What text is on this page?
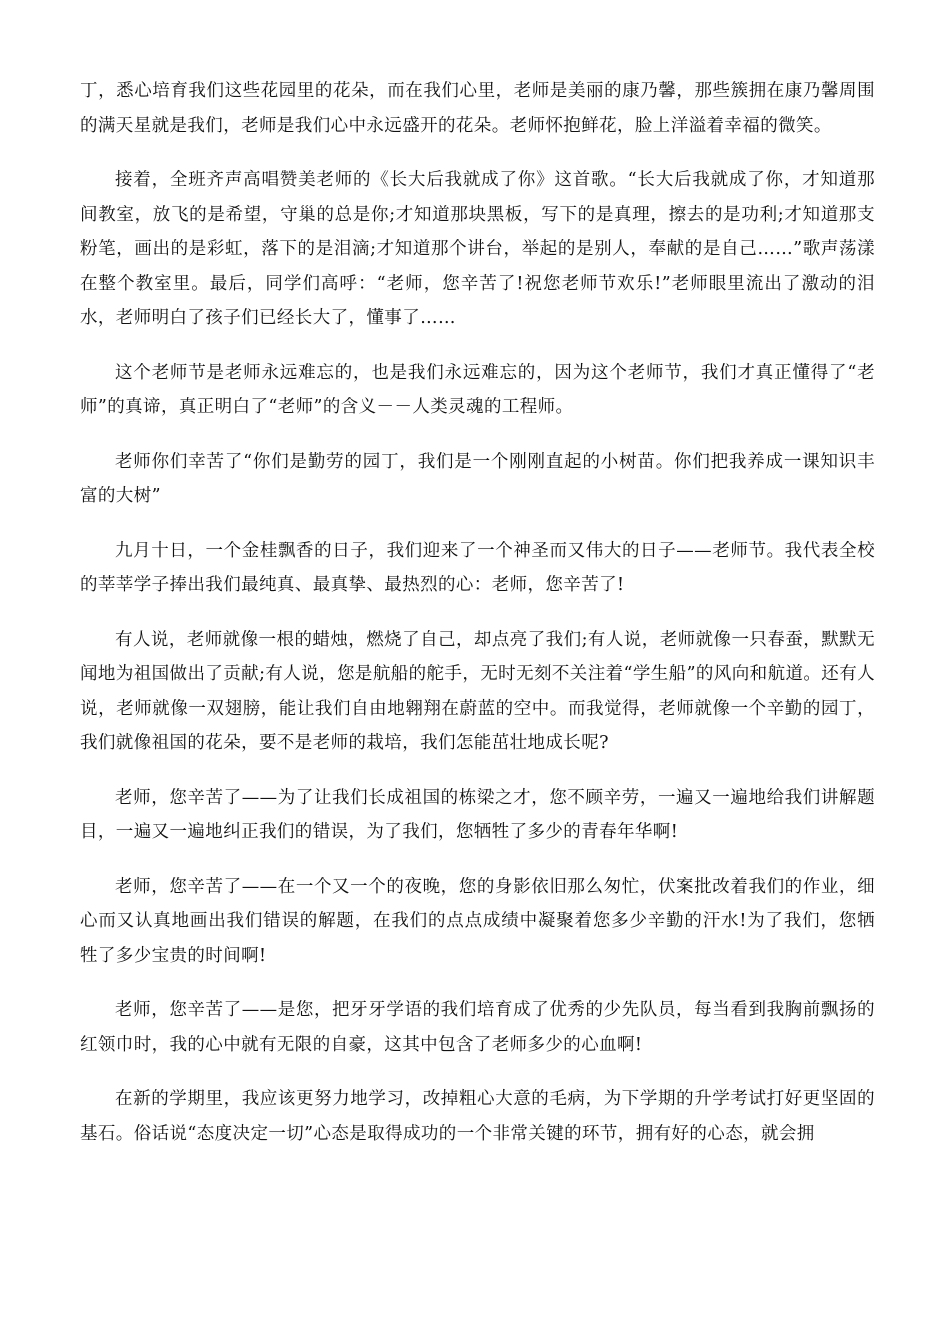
丁，悉心培育我们这些花园里的花朵，而在我们心里，老师是美丽的康乃馨，那些簇拥在康乃馨周围的满天星就是我们，老师是我们心中永远盛开的花朵。老师怀抱鲜花，脸上洋溢着幸福的微笑。

接着，全班齐声高唱赞美老师的《长大后我就成了你》这首歌。“长大后我就成了你，才知道那间教室，放飞的是希望，守巢的总是你;才知道那块黑板，写下的是真理，擦去的是功利;才知道那支粉笔，画出的是彩虹，落下的是泪滴;才知道那个讲台，举起的是别人，奉献的是自己……”歌声荡漾在整个教室里。最后，同学们高呼：“老师，您辛苦了!祝您老师节欢乐!”老师眼里流出了激动的泪水，老师明白了孩子们已经长大了，懂事了……

这个老师节是老师永远难忘的，也是我们永远难忘的，因为这个老师节，我们才真正懂得了“老师”的真谛，真正明白了“老师”的含义－－人类灵魂的工程师。

老师你们幸苦了“你们是勤劳的园丁，我们是一个刚刚直起的小树苗。你们把我养成一课知识丰富的大树”

九月十日，一个金桂飘香的日子，我们迎来了一个神圣而又伟大的日子——老师节。我代表全校的莘莘学子捧出我们最纯真、最真挚、最热烈的心：老师，您辛苦了!

有人说，老师就像一根的蜡烛，燃烧了自己，却点亮了我们;有人说，老师就像一只春蚕，默默无闻地为祖国做出了贡献;有人说，您是航船的舵手，无时无刻不关注着“学生船”的风向和航道。还有人说，老师就像一双翅膀，能让我们自由地翱翔在蔚蓝的空中。而我觉得，老师就像一个辛勤的园丁，我们就像祖国的花朵，要不是老师的栽培，我们怎能茁壮地成长呢?

老师，您辛苦了——为了让我们长成祖国的栋梁之才，您不顾辛劳，一遍又一遍地给我们讲解题目，一遍又一遍地纠正我们的错误，为了我们，您牺牲了多少的青春年华啊!

老师，您辛苦了——在一个又一个的夜晚，您的身影依旧那么匆忙，伏案批改着我们的作业，细心而又认真地画出我们错误的解题，在我们的点点成绩中凝聚着您多少辛勤的汗水!为了我们，您牺牲了多少宝贵的时间啊!

老师，您辛苦了——是您，把牙牙学语的我们培育成了优秀的少先队员，每当看到我胸前飘扬的红领巾时，我的心中就有无限的自豪，这其中包含了老师多少的心血啊!

在新的学期里，我应该更努力地学习，改掉粗心大意的毛病，为下学期的升学考试打好更坚固的基石。俗话说“态度决定一切”心态是取得成功的一个非常关键的环节，拥有好的心态，就会拥
